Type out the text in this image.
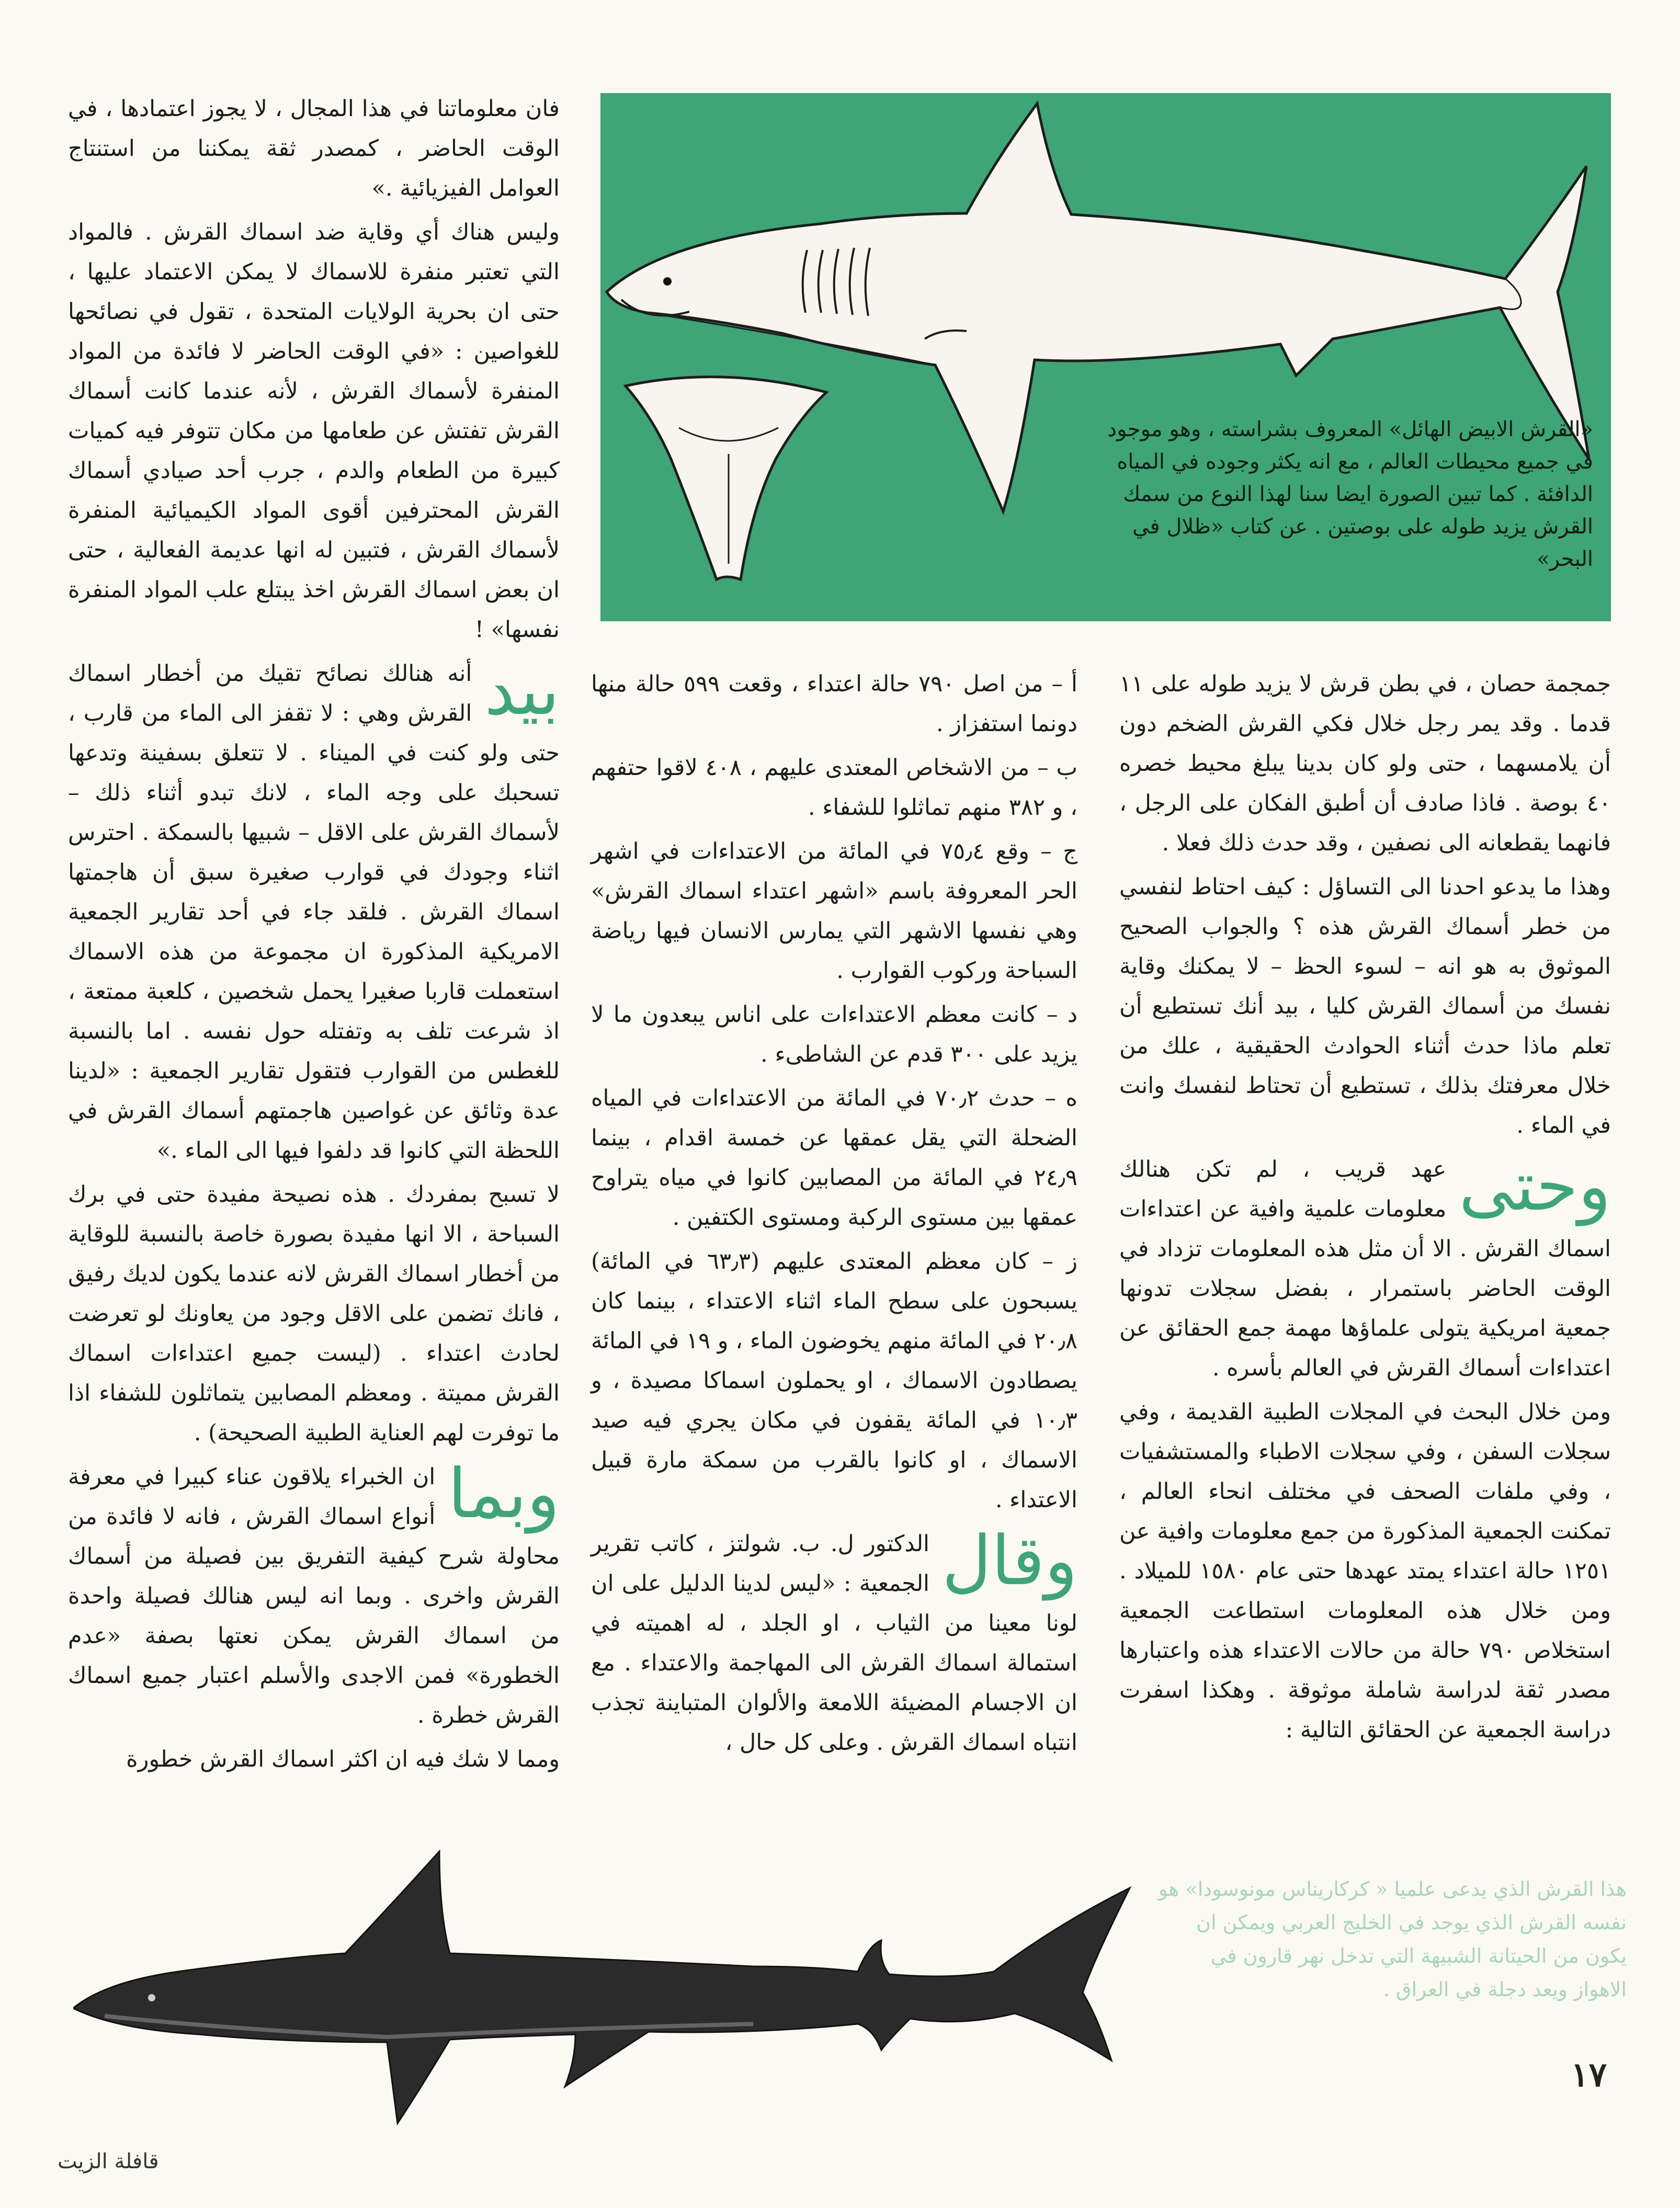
«القرش الابيض الهائل» المعروف بشراسته ، وهو موجود في جميع محيطات العالم ، مع انه يكثر وجوده في المياه الدافئة . كما تبين الصورة ايضا سنا لهذا النوع من سمك القرش يزيد طوله على بوصتين . عن كتاب «ظلال في البحر»

فان معلوماتنا في هذا المجال ، لا يجوز اعتمادها ، في الوقت الحاضر ، كمصدر ثقة يمكننا من استنتاج العوامل الفيزيائية .»

وليس هناك أي وقاية ضد اسماك القرش . فالمواد التي تعتبر منفرة للاسماك لا يمكن الاعتماد عليها ، حتى ان بحرية الولايات المتحدة ، تقول في نصائحها للغواصين : «في الوقت الحاضر لا فائدة من المواد المنفرة لأسماك القرش ، لأنه عندما كانت أسماك القرش تفتش عن طعامها من مكان تتوفر فيه كميات كبيرة من الطعام والدم ، جرب أحد صيادي أسماك القرش المحترفين أقوى المواد الكيميائية المنفرة لأسماك القرش ، فتبين له انها عديمة الفعالية ، حتى ان بعض اسماك القرش اخذ يبتلع علب المواد المنفرة نفسها» !

بيد
أنه هنالك نصائح تقيك من أخطار اسماك القرش وهي : لا تقفز الى الماء من قارب ، حتى ولو كنت في الميناء . لا تتعلق بسفينة وتدعها تسحبك على وجه الماء ، لانك تبدو أثناء ذلك – لأسماك القرش على الاقل – شبيها بالسمكة . احترس اثناء وجودك في قوارب صغيرة سبق أن هاجمتها اسماك القرش . فلقد جاء في أحد تقارير الجمعية الامريكية المذكورة ان مجموعة من هذه الاسماك استعملت قاربا صغيرا يحمل شخصين ، كلعبة ممتعة ، اذ شرعت تلف به وتفتله حول نفسه . اما بالنسبة للغطس من القوارب فتقول تقارير الجمعية : «لدينا عدة وثائق عن غواصين هاجمتهم أسماك القرش في اللحظة التي كانوا قد دلفوا فيها الى الماء .»

لا تسبح بمفردك . هذه نصيحة مفيدة حتى في برك السباحة ، الا انها مفيدة بصورة خاصة بالنسبة للوقاية من أخطار اسماك القرش لانه عندما يكون لديك رفيق ، فانك تضمن على الاقل وجود من يعاونك لو تعرضت لحادث اعتداء . (ليست جميع اعتداءات اسماك القرش مميتة . ومعظم المصابين يتماثلون للشفاء اذا ما توفرت لهم العناية الطبية الصحيحة) .

وبما
ان الخبراء يلاقون عناء كبيرا في معرفة أنواع اسماك القرش ، فانه لا فائدة من محاولة شرح كيفية التفريق بين فصيلة من أسماك القرش واخرى . وبما انه ليس هنالك فصيلة واحدة من اسماك القرش يمكن نعتها بصفة «عدم الخطورة» فمن الاجدى والأسلم اعتبار جميع اسماك القرش خطرة .

ومما لا شك فيه ان اكثر اسماك القرش خطورة

أ – من اصل ٧٩٠ حالة اعتداء ، وقعت ٥٩٩ حالة منها دونما استفزاز .

ب – من الاشخاص المعتدى عليهم ، ٤٠٨ لاقوا حتفهم ، و ٣٨٢ منهم تماثلوا للشفاء .

ج – وقع ٧٥٫٤ في المائة من الاعتداءات في اشهر الحر المعروفة باسم «اشهر اعتداء اسماك القرش» وهي نفسها الاشهر التي يمارس الانسان فيها رياضة السباحة وركوب القوارب .

د – كانت معظم الاعتداءات على اناس يبعدون ما لا يزيد على ٣٠٠ قدم عن الشاطىء .

ه – حدث ٧٠٫٢ في المائة من الاعتداءات في المياه الضحلة التي يقل عمقها عن خمسة اقدام ، بينما ٢٤٫٩ في المائة من المصابين كانوا في مياه يتراوح عمقها بين مستوى الركبة ومستوى الكتفين .

ز – كان معظم المعتدى عليهم (٦٣٫٣ في المائة) يسبحون على سطح الماء اثناء الاعتداء ، بينما كان ٢٠٫٨ في المائة منهم يخوضون الماء ، و ١٩ في المائة يصطادون الاسماك ، او يحملون اسماكا مصيدة ، و ١٠٫٣ في المائة يقفون في مكان يجري فيه صيد الاسماك ، او كانوا بالقرب من سمكة مارة قبيل الاعتداء .

وقال
الدكتور ل. ب. شولتز ، كاتب تقرير الجمعية : «ليس لدينا الدليل على ان لونا معينا من الثياب ، او الجلد ، له اهميته في استمالة اسماك القرش الى المهاجمة والاعتداء . مع ان الاجسام المضيئة اللامعة والألوان المتباينة تجذب انتباه اسماك القرش . وعلى كل حال ،

جمجمة حصان ، في بطن قرش لا يزيد طوله على ١١ قدما . وقد يمر رجل خلال فكي القرش الضخم دون أن يلامسهما ، حتى ولو كان بدينا يبلغ محيط خصره ٤٠ بوصة . فاذا صادف أن أطبق الفكان على الرجل ، فانهما يقطعانه الى نصفين ، وقد حدث ذلك فعلا .

وهذا ما يدعو احدنا الى التساؤل : كيف احتاط لنفسي من خطر أسماك القرش هذه ؟ والجواب الصحيح الموثوق به هو انه – لسوء الحظ – لا يمكنك وقاية نفسك من أسماك القرش كليا ، بيد أنك تستطيع أن تعلم ماذا حدث أثناء الحوادث الحقيقية ، علك من خلال معرفتك بذلك ، تستطيع أن تحتاط لنفسك وانت في الماء .

وحتى
عهد قريب ، لم تكن هنالك معلومات علمية وافية عن اعتداءات اسماك القرش . الا أن مثل هذه المعلومات تزداد في الوقت الحاضر باستمرار ، بفضل سجلات تدونها جمعية امريكية يتولى علماؤها مهمة جمع الحقائق عن اعتداءات أسماك القرش في العالم بأسره .

ومن خلال البحث في المجلات الطبية القديمة ، وفي سجلات السفن ، وفي سجلات الاطباء والمستشفيات ، وفي ملفات الصحف في مختلف انحاء العالم ، تمكنت الجمعية المذكورة من جمع معلومات وافية عن ١٢٥١ حالة اعتداء يمتد عهدها حتى عام ١٥٨٠ للميلاد . ومن خلال هذه المعلومات استطاعت الجمعية استخلاص ٧٩٠ حالة من حالات الاعتداء هذه واعتبارها مصدر ثقة لدراسة شاملة موثوقة . وهكذا اسفرت دراسة الجمعية عن الحقائق التالية :

هذا القرش الذي يدعى علميا « كركاريناس مونوسودا» هو نفسه القرش الذي يوجد في الخليج العربي ويمكن ان يكون من الحيتانة الشبيهة التي تدخل نهر قارون في الاهواز ويعد دجلة في العراق .
١٧
قافلة الزيت
